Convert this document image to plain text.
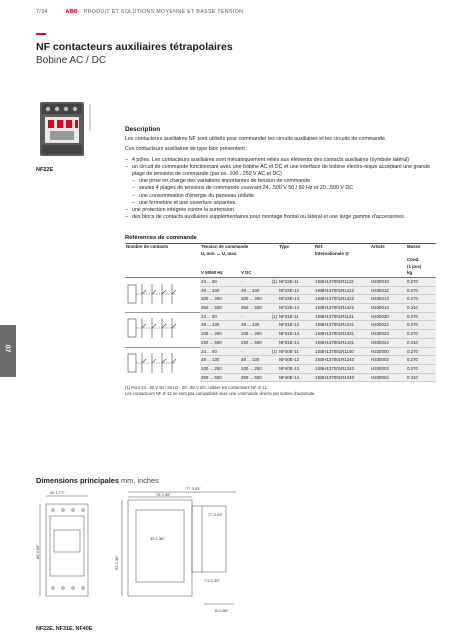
7/34	ABB PRODUIT ET SOLUTIONS MOYENNE ET BASSE TENSION
NF contacteurs auxiliaires tétrapolaires
Bobine AC / DC
2CDC203029F0004
NF22E
Description

Les contacteurs auxiliaires NF sont utilisés pour commander les circuits auxiliaires et les circuits de commande.

Ces contacteurs auxiliaires de type bloc présentent :

– 4 pôles. Les contacteurs auxiliaires sont mécaniquement reliés aux éléments des contacts auxiliaires (symbole latéral)
– un circuit de commande fonctionnant avec une bobine AC et DC et une interface de bobine électro-nique acceptant une grande plage de tensions de commande (par ex. 100...250 V AC et DC)
– une prise en charge des variations importantes de tension de commande
– seules 4 plages de tensions de commande couvrant 24...500 V 50 / 60 Hz et 20...500 V DC
– une consommation d'énergie du panneau réduite
– une fermeture et une ouverture séparées.
– une protection intégrée contre la surtension
– des blocs de contacts auxiliaires supplémentaires pour montage frontal ou latéral et une large gamme d'accessoires.
Références de commande
Nombre de contacts	Tension de commande		Type	Réf.	Article	Masse
	U, min. ... U, max.			Internationale @		
						Cond.
						(1 pce)
	V 50/60 Hz	V DC				kg
	24 ... 60	- (1)	NF22E-11	1SBH137001R1122	H330010	0.270
	48 ... 130	48 ... 130	NF22E-12	1SBH137001R1222	H330012	0.270
	100 ... 250	100 ... 250	NF22E-13	1SBH137001R1322	H330013	0.270
	250 ... 500	250 ... 500	NF22E-14	1SBH137001R1422	H330014	0.310
	24 ... 60	- (1)	NF31E-11	1SBH137001R1131	H330020	0.270
	48 ... 130	48 ... 130	NF31E-12	1SBH137001R1231	H330022	0.270
	100 ... 250	100 ... 250	NF31E-13	1SBH137001R1331	H330023	0.270
	250 ... 500	250 ... 500	NF31E-14	1SBH137001R1431	H330024	0.310
	24 ... 60	- (1)	NF40E-11	1SBH137001R1140	H330000	0.270
	48 ... 130	48 ... 130	NF40E-12	1SBH137001R1240	H330002	0.270
	100 ... 250	100 ... 250	NF40E-13	1SBH137001R1340	H330003	0.270
	250 ... 500	250 ... 500	NF40E-14	1SBH137001R1440	H330004	0.310
(1) Pour 24...60 V 50 / 60 Hz - 20...60 V DC, utiliser les contacteurs NF..E-11.
Les contacteurs NF..E-11 ne sont pas compatibles avec une commande directe par sorties d'automate.
07
Dimensions principales mm, inches
45 1.77"
86 3.39"
77 3.03"
75 2.95"
35 1.38"
60 2.36"
77 3.03"
7.5 0.30"
15 0.59"
NF22E, NF31E, NF40E
